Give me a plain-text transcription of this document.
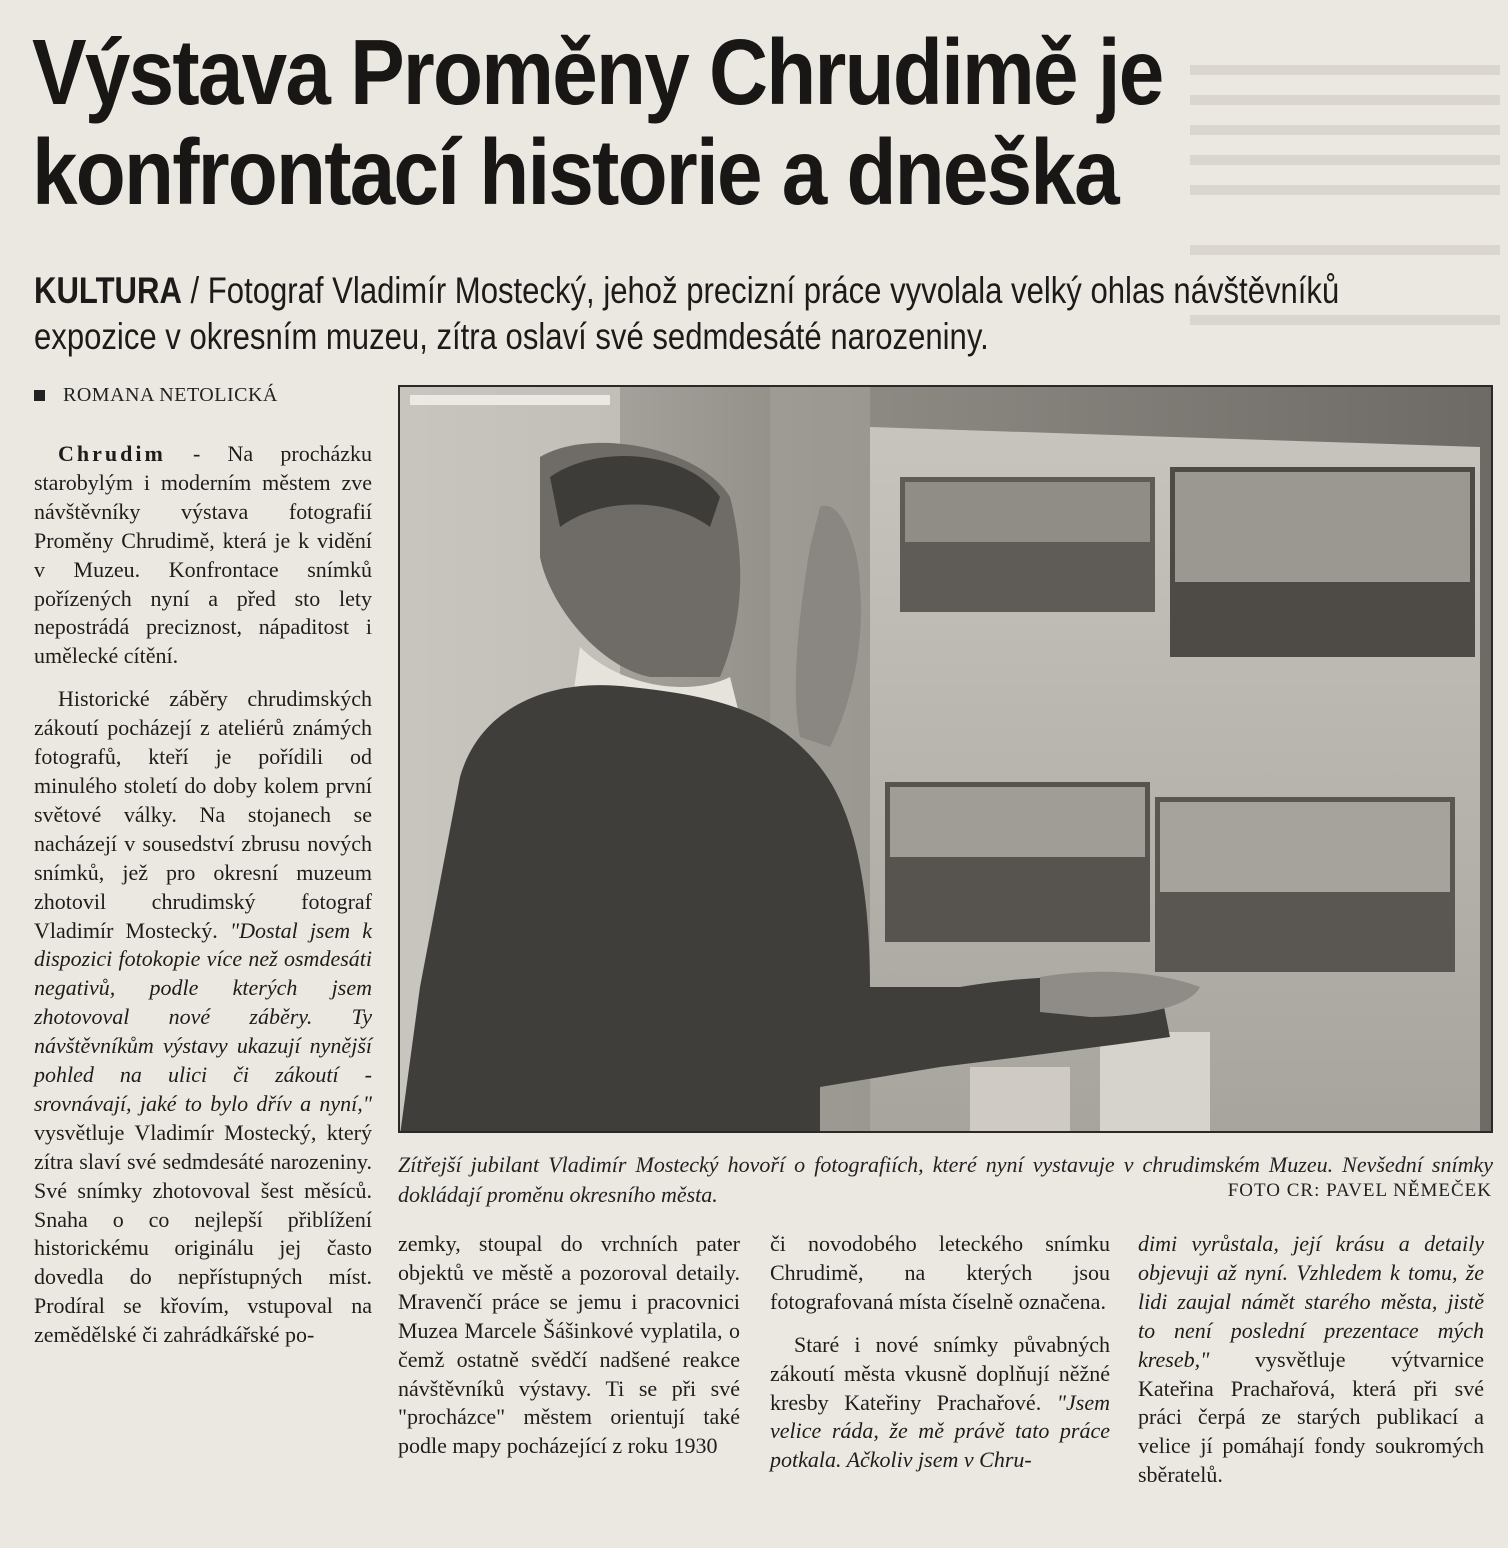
Výstava Proměny Chrudimě je
konfrontací historie a dneška

KULTURA / Fotograf Vladimír Mostecký, jehož precizní práce vyvolala velký ohlas návštěvníků expozice v okresním muzeu, zítra oslaví své sedmdesáté narozeniny.

ROMANA NETOLICKÁ

Chrudim - Na procházku starobylým i moderním městem zve návštěvníky výstava fotografií Proměny Chrudimě, která je k vidění v Muzeu. Konfrontace snímků pořízených nyní a před sto lety nepostrádá preciznost, nápaditost i umělecké cítění.

Historické záběry chrudimských zákoutí pocházejí z ateliérů známých fotografů, kteří je pořídili od minulého století do doby kolem první světové války. Na stojanech se nacházejí v sousedství zbrusu nových snímků, jež pro okresní muzeum zhotovil chrudimský fotograf Vladimír Mostecký. "Dostal jsem k dispozici fotokopie více než osmdesáti negativů, podle kterých jsem zhotovoval nové záběry. Ty návštěvníkům výstavy ukazují nynější pohled na ulici či zákoutí - srovnávají, jaké to bylo dřív a nyní," vysvětluje Vladimír Mostecký, který zítra slaví své sedmdesáté narozeniny. Své snímky zhotovoval šest měsíců. Snaha o co nejlepší přiblížení historickému originálu jej často dovedla do nepřístupných míst. Prodíral se křovím, vstupoval na zemědělské či zahrádkářské po-

Zítřejší jubilant Vladimír Mostecký hovoří o fotografiích, které nyní vystavuje v chrudimském Muzeu. Nevšední snímky dokládají proměnu okresního města.	FOTO CR: PAVEL NĚMEČEK

zemky, stoupal do vrchních pater objektů ve městě a pozoroval detaily. Mravenčí práce se jemu i pracovnici Muzea Marcele Šášinkové vyplatila, o čemž ostatně svědčí nadšené reakce návštěvníků výstavy. Ti se při své "procházce" městem orientují také podle mapy pocházející z roku 1930

či novodobého leteckého snímku Chrudimě, na kterých jsou fotografovaná místa číselně označena.

Staré i nové snímky půvabných zákoutí města vkusně doplňují něžné kresby Kateřiny Prachařové. "Jsem velice ráda, že mě právě tato práce potkala. Ačkoliv jsem v Chru-

dimi vyrůstala, její krásu a detaily objevuji až nyní. Vzhledem k tomu, že lidi zaujal námět starého města, jistě to není poslední prezentace mých kreseb," vysvětluje výtvarnice Kateřina Prachařová, která při své práci čerpá ze starých publikací a velice jí pomáhají fondy soukromých sběratelů.
